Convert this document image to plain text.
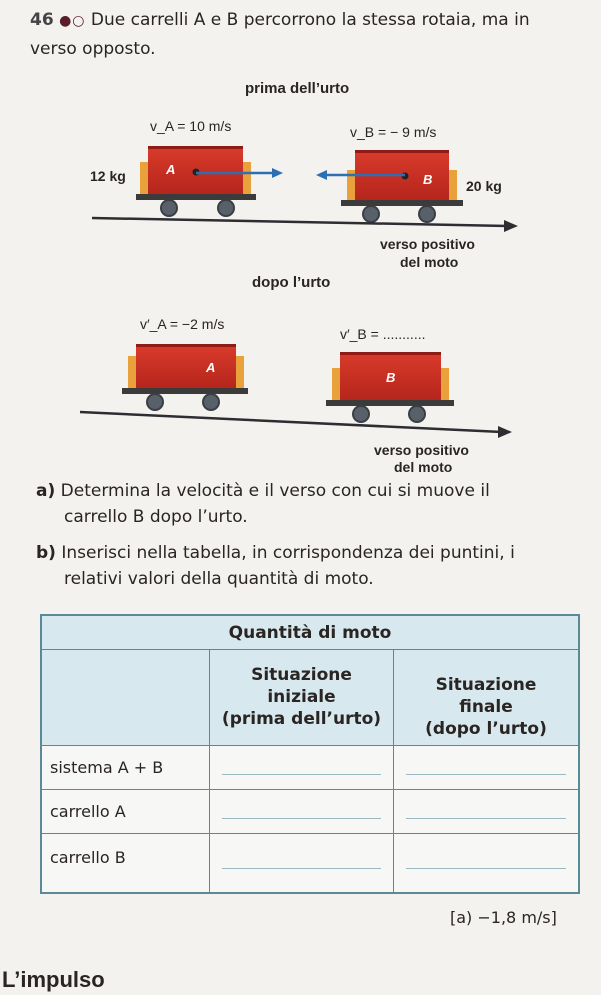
46 ●○ Due carrelli A e B percorrono la stessa rotaia, ma in
verso opposto.
prima dell’urto
v_A = 10 m/s	v_B = − 9 m/s
12 kg
20 kg
A
B
verso positivo
del moto
dopo l’urto
v′_A = −2 m/s
v′_B = ...........
A
B
verso positivo
del moto
a) Determina la velocità e il verso con cui si muove il
carrello B dopo l’urto.
b) Inserisci nella tabella, in corrispondenza dei puntini, i
relativi valori della quantità di moto.
Quantità di moto
Situazione
iniziale
(prima dell’urto)
Situazione
finale
(dopo l’urto)
sistema A + B
carrello A
carrello B
[a) −1,8 m/s]
L’impulso
